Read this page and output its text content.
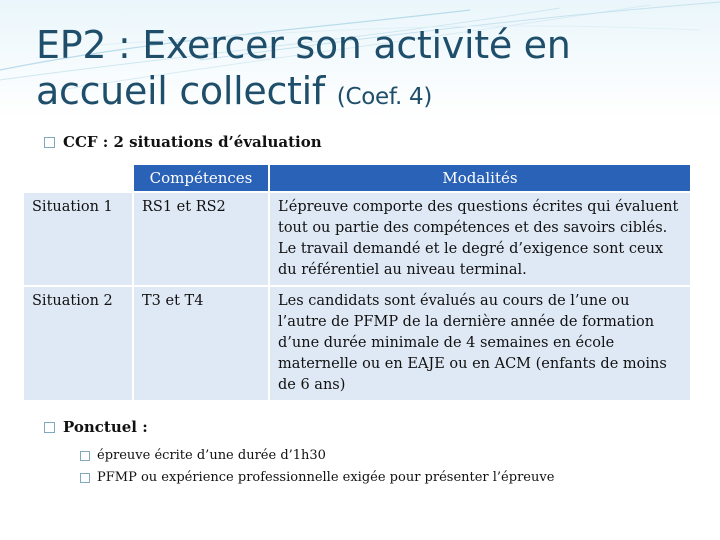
EP2 : Exercer son activité en accueil collectif (Coef. 4)
CCF : 2 situations d’évaluation
	Compétences	Modalités
Situation 1	RS1 et RS2	L’épreuve comporte des questions écrites qui évaluent tout ou partie des compétences et des savoirs ciblés.
Le travail demandé et le degré d’exigence sont ceux du référentiel au niveau terminal.

Situation 2	T3 et T4	Les candidats sont évalués au cours de l’une ou l’autre de PFMP de la dernière année de formation d’une durée minimale de 4 semaines en école maternelle ou en EAJE ou en ACM (enfants de moins de 6 ans)
Ponctuel :
épreuve écrite d’une durée d’1h30
PFMP ou expérience professionnelle exigée pour présenter l’épreuve
